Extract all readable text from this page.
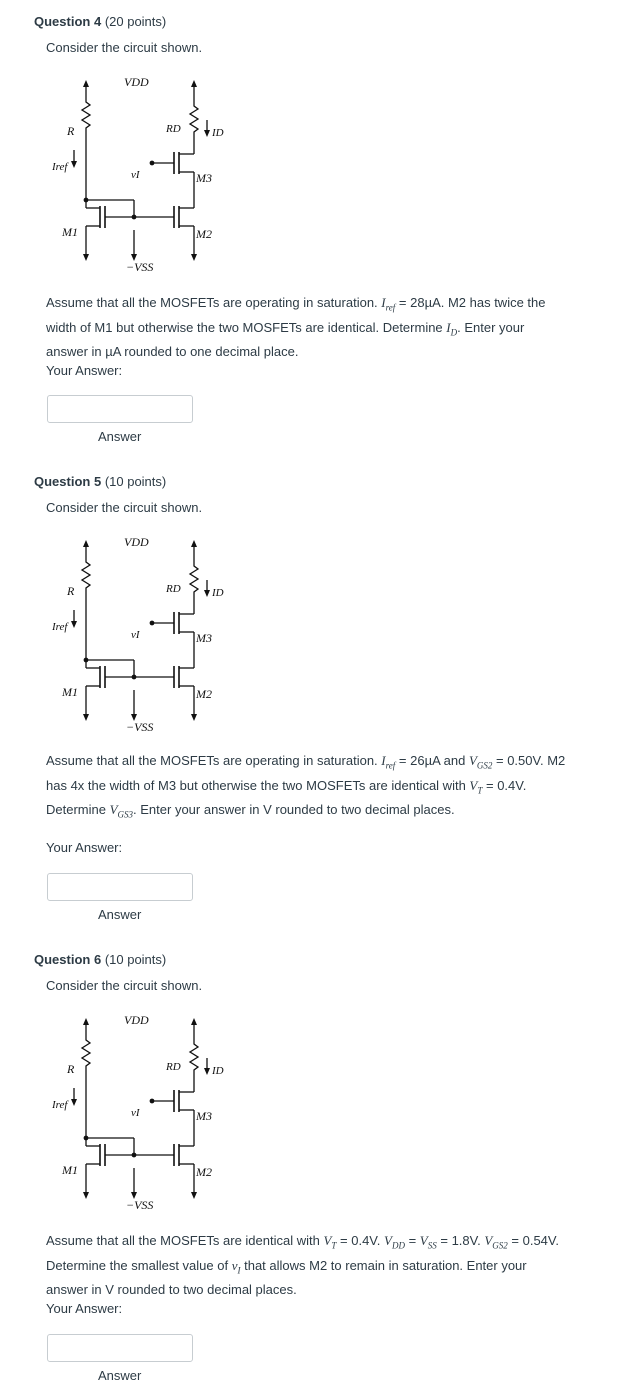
Question 4 (20 points)
Consider the circuit shown.
VDD
R	RD	ID
Iref
vI	M3
M1	M2
−VSS
Assume that all the MOSFETs are operating in saturation. $I_{ref} = 28\mu A$. M2 has twice the width of M1 but otherwise the two MOSFETs are identical. Determine $I_D$. Enter your answer in µA rounded to one decimal place.
Your Answer:
Answer
Question 5 (10 points)
Consider the circuit shown.
VDD
R	RD	ID
Iref
vI	M3
M1	M2
−VSS
Assume that all the MOSFETs are operating in saturation. $I_{ref} = 26\mu A$ and $V_{GS2} = 0.50V$. M2 has 4x the width of M3 but otherwise the two MOSFETs are identical with $V_T = 0.4V$. Determine $V_{GS3}$. Enter your answer in V rounded to two decimal places.
Your Answer:
Answer
Question 6 (10 points)
Consider the circuit shown.
VDD
R	RD	ID
Iref
vI	M3
M1	M2
−VSS
Assume that all the MOSFETs are identical with $V_T = 0.4V$. $V_{DD} = V_{SS} = 1.8V$. $V_{GS2} = 0.54V$. Determine the smallest value of $v_I$ that allows M2 to remain in saturation. Enter your answer in V rounded to two decimal places.
Your Answer:
Answer
